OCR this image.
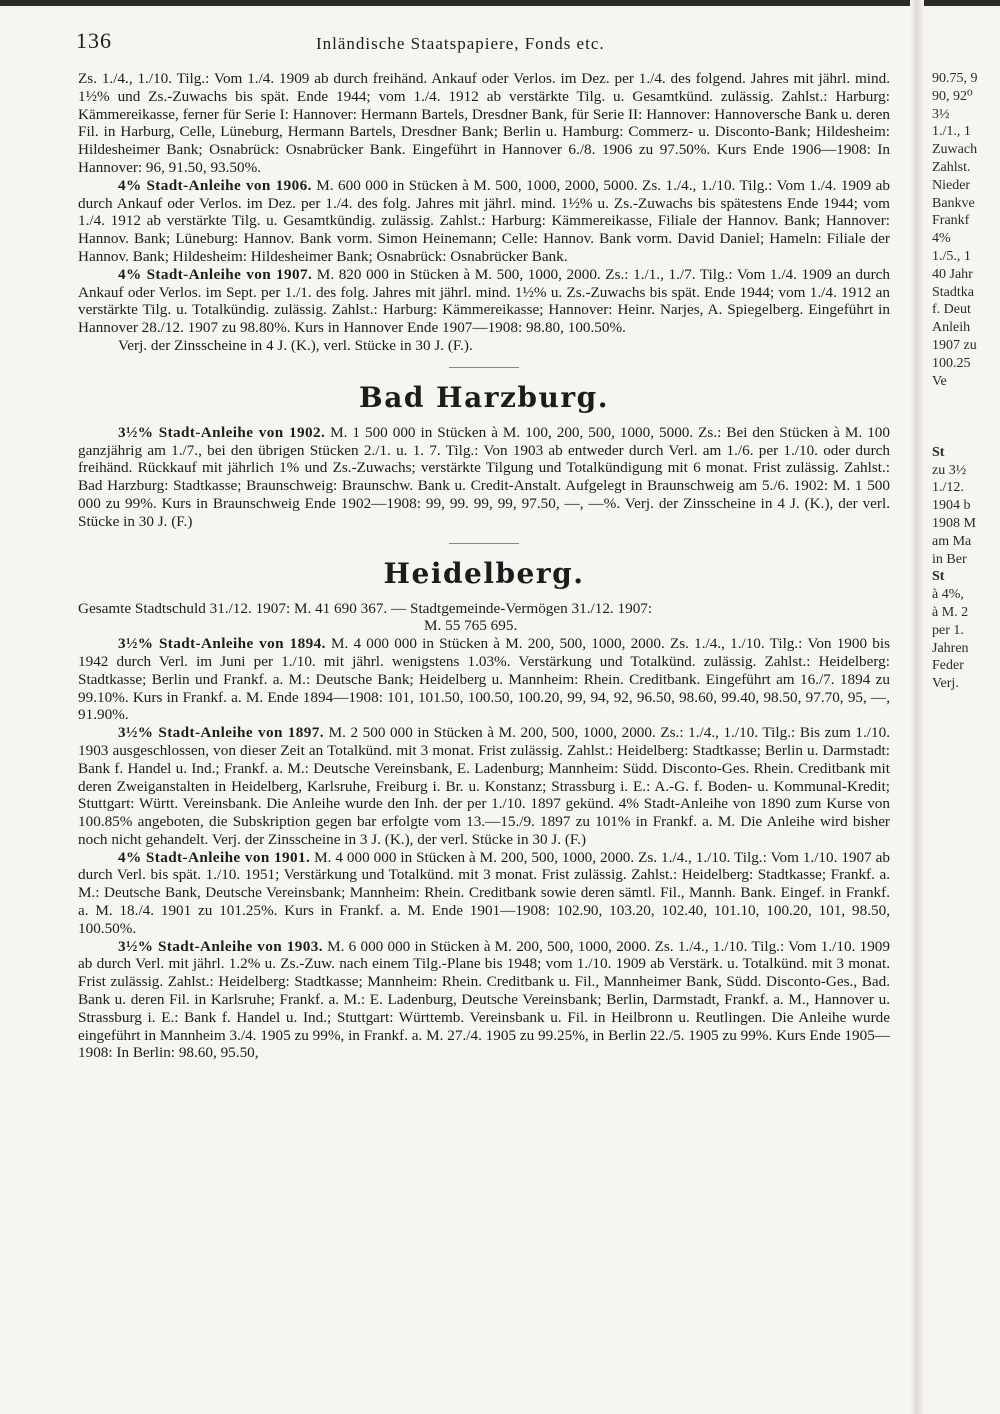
136	Inländische Staatspapiere, Fonds etc.

Zs. 1./4., 1./10. Tilg.: Vom 1./4. 1909 ab durch freihänd. Ankauf oder Verlos. im Dez. per 1./4. des folgend. Jahres mit jährl. mind. 1½% und Zs.-Zuwachs bis spät. Ende 1944; vom 1./4. 1912 ab verstärkte Tilg. u. Gesamtkünd. zulässig. Zahlst.: Harburg: Kämmereikasse, ferner für Serie I: Hannover: Hermann Bartels, Dresdner Bank, für Serie II: Hannover: Hannoversche Bank u. deren Fil. in Harburg, Celle, Lüneburg, Hermann Bartels, Dresdner Bank; Berlin u. Hamburg: Commerz- u. Disconto-Bank; Hildesheim: Hildesheimer Bank; Osnabrück: Osnabrücker Bank. Eingeführt in Hannover 6./8. 1906 zu 97.50%. Kurs Ende 1906—1908: In Hannover: 96, 91.50, 93.50%.

4% Stadt-Anleihe von 1906. M. 600 000 in Stücken à M. 500, 1000, 2000, 5000. Zs. 1./4., 1./10. Tilg.: Vom 1./4. 1909 ab durch Ankauf oder Verlos. im Dez. per 1./4. des folg. Jahres mit jährl. mind. 1½% u. Zs.-Zuwachs bis spätestens Ende 1944; vom 1./4. 1912 ab verstärkte Tilg. u. Gesamtkündig. zulässig. Zahlst.: Harburg: Kämmereikasse, Filiale der Hannov. Bank; Hannover: Hannov. Bank; Lüneburg: Hannov. Bank vorm. Simon Heinemann; Celle: Hannov. Bank vorm. David Daniel; Hameln: Filiale der Hannov. Bank; Hildesheim: Hildesheimer Bank; Osnabrück: Osnabrücker Bank.

4% Stadt-Anleihe von 1907. M. 820 000 in Stücken à M. 500, 1000, 2000. Zs.: 1./1., 1./7. Tilg.: Vom 1./4. 1909 an durch Ankauf oder Verlos. im Sept. per 1./1. des folg. Jahres mit jährl. mind. 1½% u. Zs.-Zuwachs bis spät. Ende 1944; vom 1./4. 1912 an verstärkte Tilg. u. Totalkündig. zulässig. Zahlst.: Harburg: Kämmereikasse; Hannover: Heinr. Narjes, A. Spiegelberg. Eingeführt in Hannover 28./12. 1907 zu 98.80%. Kurs in Hannover Ende 1907—1908: 98.80, 100.50%.

Verj. der Zinsscheine in 4 J. (K.), verl. Stücke in 30 J. (F.).

Bad Harzburg.

3½% Stadt-Anleihe von 1902. M. 1 500 000 in Stücken à M. 100, 200, 500, 1000, 5000. Zs.: Bei den Stücken à M. 100 ganzjährig am 1./7., bei den übrigen Stücken 2./1. u. 1. 7. Tilg.: Von 1903 ab entweder durch Verl. am 1./6. per 1./10. oder durch freihänd. Rückkauf mit jährlich 1% und Zs.-Zuwachs; verstärkte Tilgung und Totalkündigung mit 6 monat. Frist zulässig. Zahlst.: Bad Harzburg: Stadtkasse; Braunschweig: Braunschw. Bank u. Credit-Anstalt. Aufgelegt in Braunschweig am 5./6. 1902: M. 1 500 000 zu 99%. Kurs in Braunschweig Ende 1902—1908: 99, 99. 99, 99, 97.50, —, —%. Verj. der Zinsscheine in 4 J. (K.), der verl. Stücke in 30 J. (F.)

Heidelberg.

Gesamte Stadtschuld 31./12. 1907: M. 41 690 367. — Stadtgemeinde-Vermögen 31./12. 1907:

M. 55 765 695.

3½% Stadt-Anleihe von 1894. M. 4 000 000 in Stücken à M. 200, 500, 1000, 2000. Zs. 1./4., 1./10. Tilg.: Von 1900 bis 1942 durch Verl. im Juni per 1./10. mit jährl. wenigstens 1.03%. Verstärkung und Totalkünd. zulässig. Zahlst.: Heidelberg: Stadtkasse; Berlin und Frankf. a. M.: Deutsche Bank; Heidelberg u. Mannheim: Rhein. Creditbank. Eingeführt am 16./7. 1894 zu 99.10%. Kurs in Frankf. a. M. Ende 1894—1908: 101, 101.50, 100.50, 100.20, 99, 94, 92, 96.50, 98.60, 99.40, 98.50, 97.70, 95, —, 91.90%.

3½% Stadt-Anleihe von 1897. M. 2 500 000 in Stücken à M. 200, 500, 1000, 2000. Zs.: 1./4., 1./10. Tilg.: Bis zum 1./10. 1903 ausgeschlossen, von dieser Zeit an Totalkünd. mit 3 monat. Frist zulässig. Zahlst.: Heidelberg: Stadtkasse; Berlin u. Darmstadt: Bank f. Handel u. Ind.; Frankf. a. M.: Deutsche Vereinsbank, E. Ladenburg; Mannheim: Südd. Disconto-Ges. Rhein. Creditbank mit deren Zweiganstalten in Heidelberg, Karlsruhe, Freiburg i. Br. u. Konstanz; Strassburg i. E.: A.-G. f. Boden- u. Kommunal-Kredit; Stuttgart: Württ. Vereinsbank. Die Anleihe wurde den Inh. der per 1./10. 1897 gekünd. 4% Stadt-Anleihe von 1890 zum Kurse von 100.85% angeboten, die Subskription gegen bar erfolgte vom 13.—15./9. 1897 zu 101% in Frankf. a. M. Die Anleihe wird bisher noch nicht gehandelt. Verj. der Zinsscheine in 3 J. (K.), der verl. Stücke in 30 J. (F.)

4% Stadt-Anleihe von 1901. M. 4 000 000 in Stücken à M. 200, 500, 1000, 2000. Zs. 1./4., 1./10. Tilg.: Vom 1./10. 1907 ab durch Verl. bis spät. 1./10. 1951; Verstärkung und Totalkünd. mit 3 monat. Frist zulässig. Zahlst.: Heidelberg: Stadtkasse; Frankf. a. M.: Deutsche Bank, Deutsche Vereinsbank; Mannheim: Rhein. Creditbank sowie deren sämtl. Fil., Mannh. Bank. Eingef. in Frankf. a. M. 18./4. 1901 zu 101.25%. Kurs in Frankf. a. M. Ende 1901—1908: 102.90, 103.20, 102.40, 101.10, 100.20, 101, 98.50, 100.50%.

3½% Stadt-Anleihe von 1903. M. 6 000 000 in Stücken à M. 200, 500, 1000, 2000. Zs. 1./4., 1./10. Tilg.: Vom 1./10. 1909 ab durch Verl. mit jährl. 1.2% u. Zs.-Zuw. nach einem Tilg.-Plane bis 1948; vom 1./10. 1909 ab Verstärk. u. Totalkünd. mit 3 monat. Frist zulässig. Zahlst.: Heidelberg: Stadtkasse; Mannheim: Rhein. Creditbank u. Fil., Mannheimer Bank, Südd. Disconto-Ges., Bad. Bank u. deren Fil. in Karlsruhe; Frankf. a. M.: E. Ladenburg, Deutsche Vereinsbank; Berlin, Darmstadt, Frankf. a. M., Hannover u. Strassburg i. E.: Bank f. Handel u. Ind.; Stuttgart: Württemb. Vereinsbank u. Fil. in Heilbronn u. Reutlingen. Die Anleihe wurde eingeführt in Mannheim 3./4. 1905 zu 99%, in Frankf. a. M. 27./4. 1905 zu 99.25%, in Berlin 22./5. 1905 zu 99%. Kurs Ende 1905—1908: In Berlin: 98.60, 95.50,

90.75, 9
90, 92⁰
3½
1./1., 1
Zuwach
Zahlst.
Nieder
Bankve
Frankf
4%
1./5., 1
40 Jahr
Stadtka
f. Deut
Anleih
1907 zu
100.25
Ve
St
zu 3½
1./12.
1904 b
1908 M
am Ma
in Ber
St
à 4%,
à M. 2
per 1.
Jahren
Feder
Verj.
